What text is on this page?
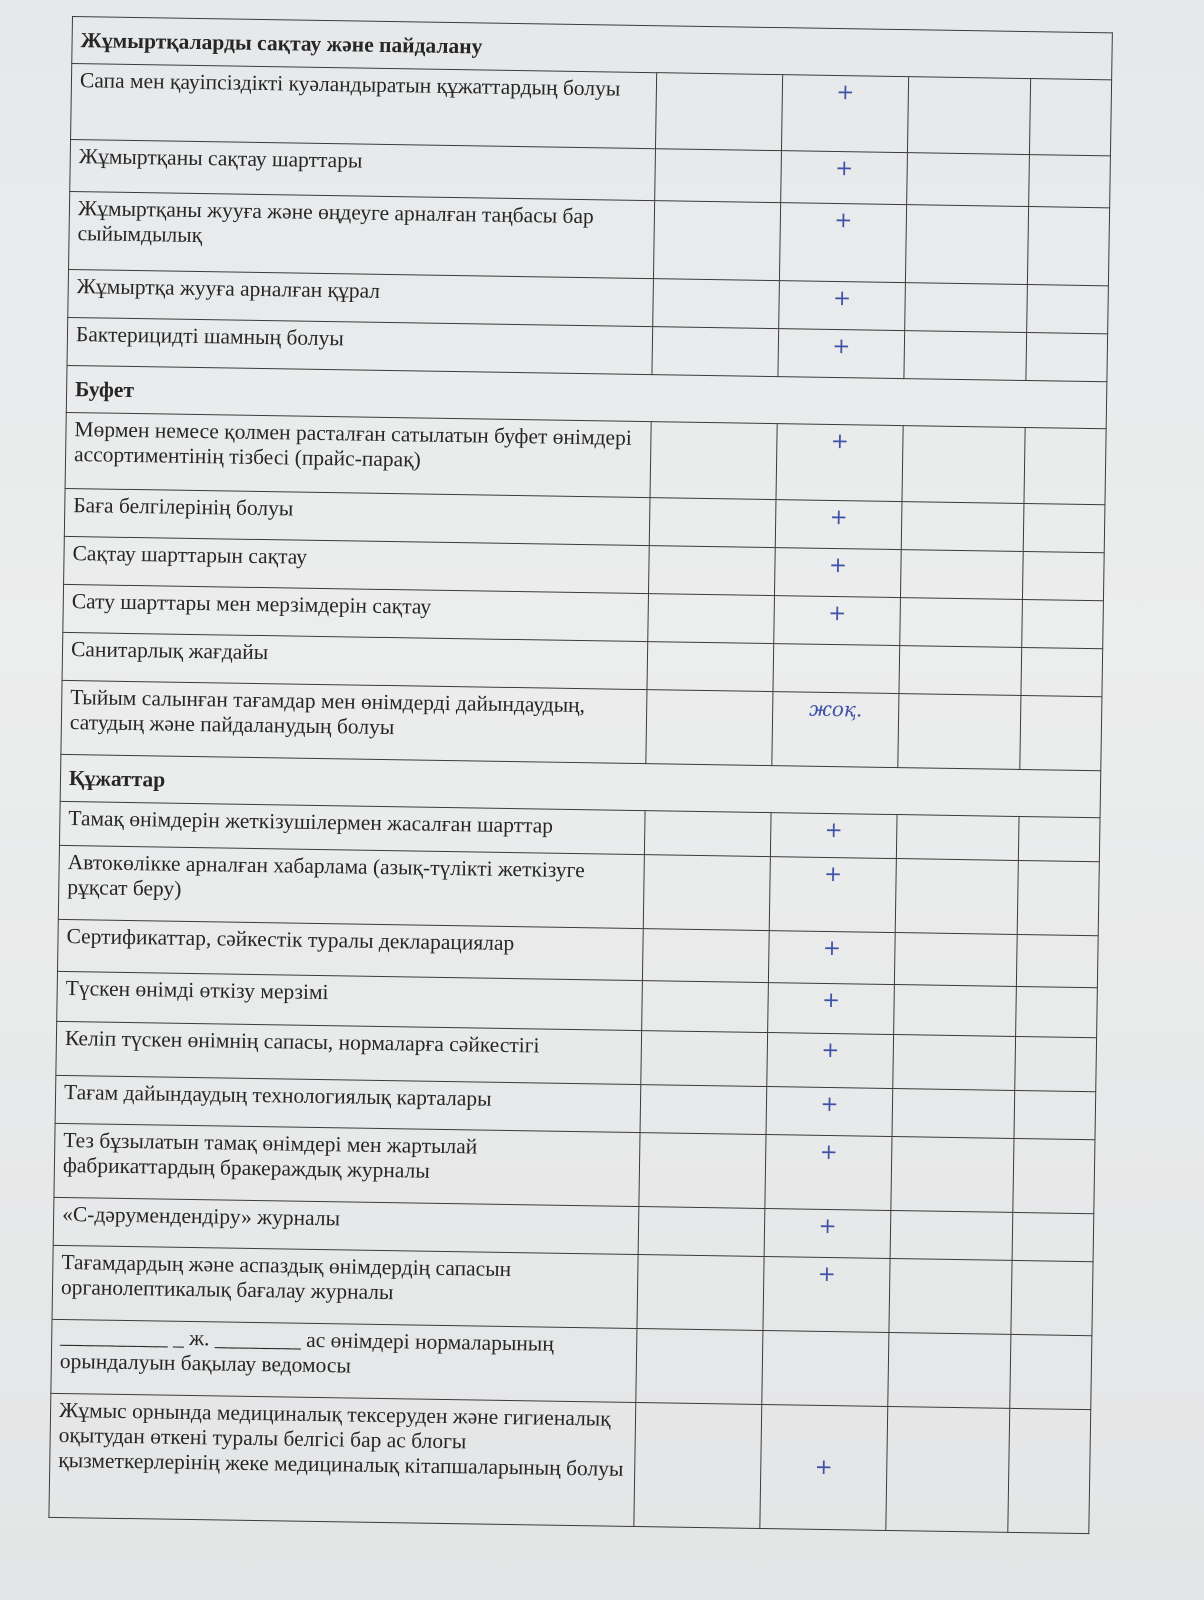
Жұмыртқаларды сақтау және пайдалану				
Сапа мен қауіпсіздікті куәландыратын құжаттардың болуы		+		
Жұмыртқаны сақтау шарттары		+		
Жұмыртқаны жууға және өңдеуге арналған таңбасы бар сыйымдылық		+		
Жұмыртқа жууға арналған құрал		+		
Бактерицидті шамның болуы		+		
Буфет				
Мөрмен немесе қолмен расталған сатылатын буфет өнімдері ассортиментінің тізбесі (прайс-парақ)		+		
Баға белгілерінің болуы		+		
Сақтау шарттарын сақтау		+		
Сату шарттары мен мерзімдерін сақтау		+		
Санитарлық жағдайы				
Тыйым салынған тағамдар мен өнімдерді дайындаудың, сатудың және пайдаланудың болуы		жоқ.		
Құжаттар				
Тамақ өнімдерін жеткізушілермен жасалған шарттар		+		
Автокөлікке арналған хабарлама (азық-түлікті жеткізуге рұқсат беру)		+		
Сертификаттар, сәйкестік туралы декларациялар		+		
Түскен өнімді өткізу мерзімі		+		
Келіп түскен өнімнің сапасы, нормаларға сәйкестігі		+		
Тағам дайындаудың технологиялық карталары		+		
Тез бұзылатын тамақ өнімдері мен жартылай фабрикаттардың бракераждық журналы		+		
«С-дәрумендендіру» журналы		+		
Тағамдардың және аспаздық өнімдердің сапасын органолептикалық бағалау журналы		+		
__________ _ ж. ________ ас өнімдері нормаларының орындалуын бақылау ведомосы				
Жұмыс орнында медициналық тексеруден және гигиеналық оқытудан өткені туралы белгісі бар ас блогы қызметкерлерінің жеке медициналық кітапшаларының болуы		+		
